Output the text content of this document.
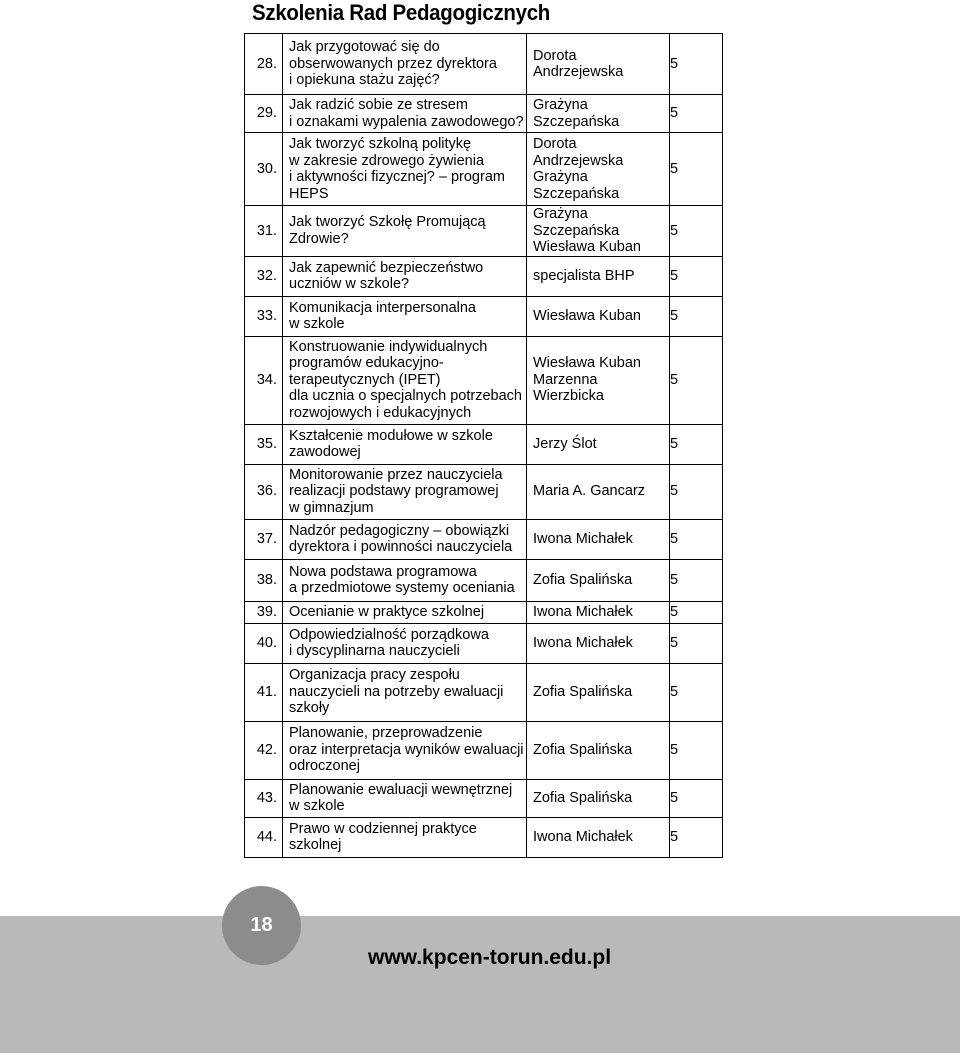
Szkolenia Rad Pedagogicznych
28.	Jak przygotować się do
obserwowanych przez dyrektora
i opiekuna stażu zajęć?	Dorota
Andrzejewska	5
29.	Jak radzić sobie ze stresem
i oznakami wypalenia zawodowego?	Grażyna
Szczepańska	5
30.	Jak tworzyć szkolną politykę
w zakresie zdrowego żywienia
i aktywności fizycznej? – program
HEPS	Dorota
Andrzejewska
Grażyna
Szczepańska	5
31.	Jak tworzyć Szkołę Promującą
Zdrowie?	Grażyna
Szczepańska
Wiesława Kuban	5
32.	Jak zapewnić bezpieczeństwo
uczniów w szkole?	specjalista BHP	5
33.	Komunikacja interpersonalna
w szkole	Wiesława Kuban	5
34.	Konstruowanie indywidualnych
programów edukacyjno-
terapeutycznych (IPET)
dla ucznia o specjalnych potrzebach
rozwojowych i edukacyjnych	Wiesława Kuban
Marzenna
Wierzbicka	5
35.	Kształcenie modułowe w szkole
zawodowej	Jerzy Ślot	5
36.	Monitorowanie przez nauczyciela
realizacji podstawy programowej
w gimnazjum	Maria A. Gancarz	5
37.	Nadzór pedagogiczny – obowiązki
dyrektora i powinności nauczyciela	Iwona Michałek	5
38.	Nowa podstawa programowa
a przedmiotowe systemy oceniania	Zofia Spalińska	5
39.	Ocenianie w praktyce szkolnej	Iwona Michałek	5
40.	Odpowiedzialność porządkowa
i dyscyplinarna nauczycieli	Iwona Michałek	5
41.	Organizacja pracy zespołu
nauczycieli na potrzeby ewaluacji
szkoły	Zofia Spalińska	5
42.	Planowanie, przeprowadzenie
oraz interpretacja wyników ewaluacji
odroczonej	Zofia Spalińska	5
43.	Planowanie ewaluacji wewnętrznej
w szkole	Zofia Spalińska	5
44.	Prawo w codziennej praktyce
szkolnej	Iwona Michałek	5
18
www.kpcen-torun.edu.pl
